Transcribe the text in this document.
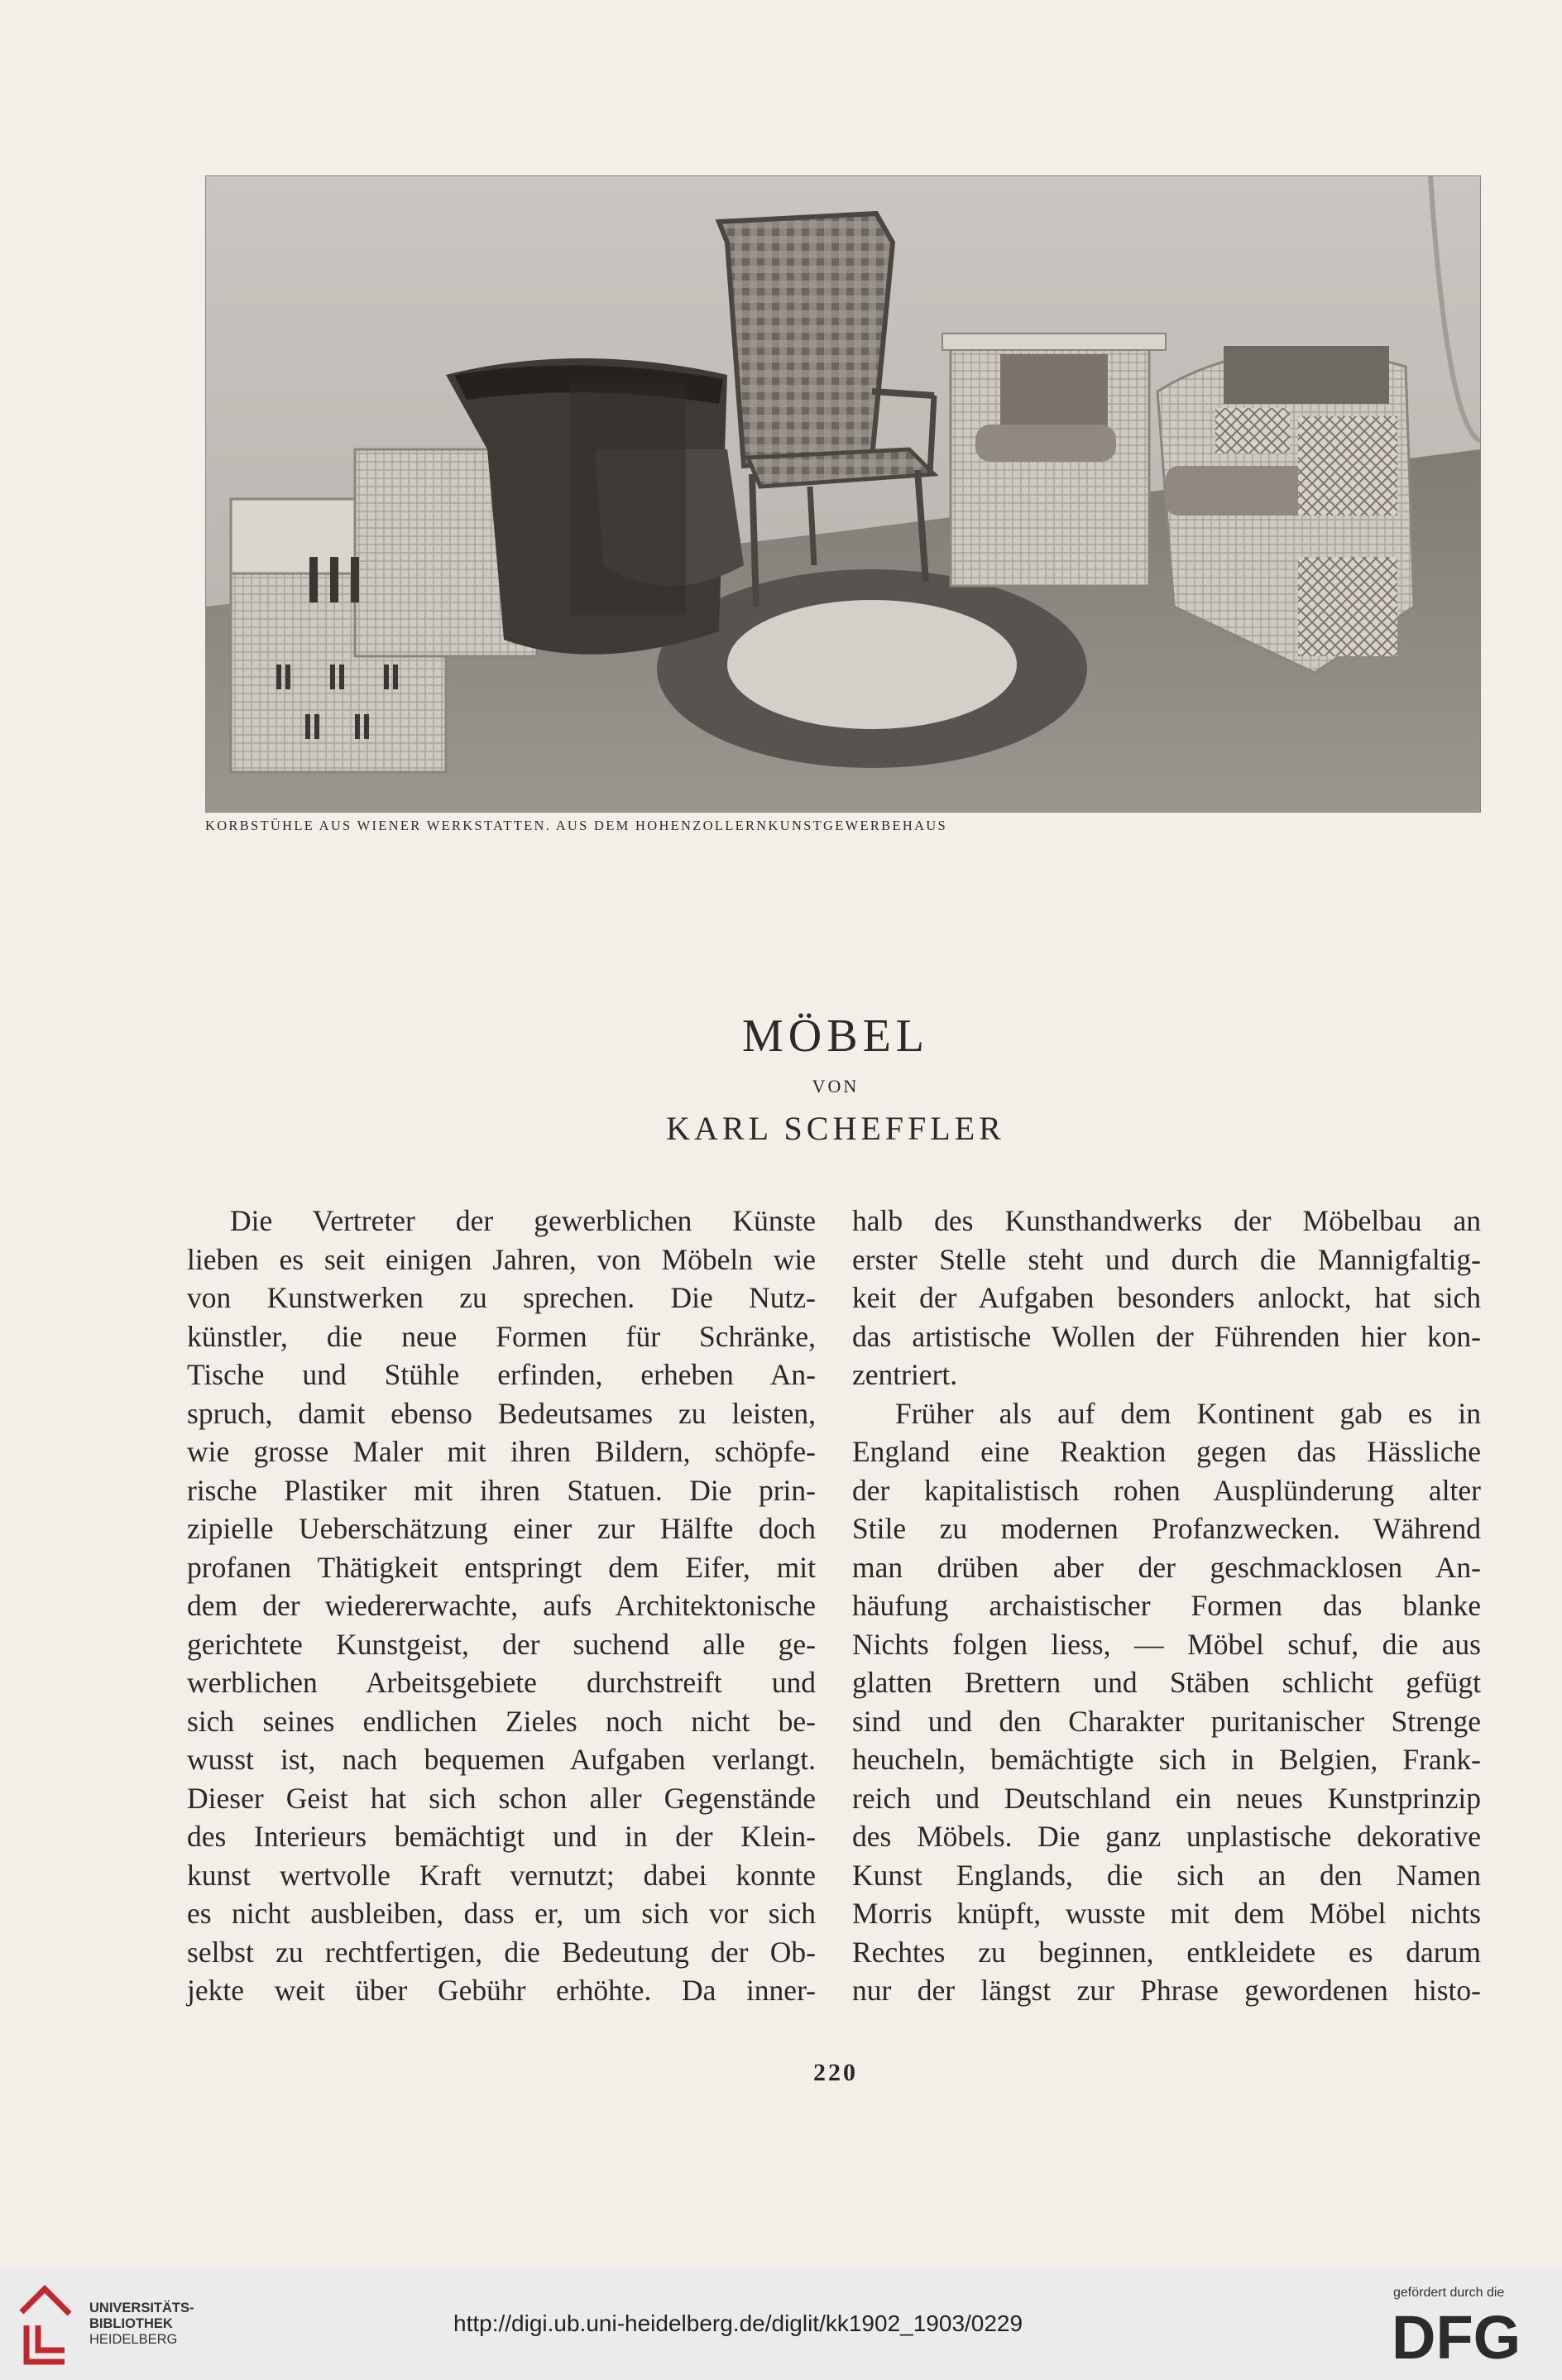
KORBSTÜHLE AUS WIENER WERKSTATTEN. AUS DEM HOHENZOLLERNKUNSTGEWERBEHAUS
MÖBEL
VON
KARL SCHEFFLER
Die Vertreter der gewerblichen Künste
lieben es seit einigen Jahren, von Möbeln wie
von Kunstwerken zu sprechen. Die Nutz-
künstler, die neue Formen für Schränke,
Tische und Stühle erfinden, erheben An-
spruch, damit ebenso Bedeutsames zu leisten,
wie grosse Maler mit ihren Bildern, schöpfe-
rische Plastiker mit ihren Statuen. Die prin-
zipielle Ueberschätzung einer zur Hälfte doch
profanen Thätigkeit entspringt dem Eifer, mit
dem der wiedererwachte, aufs Architektonische
gerichtete Kunstgeist, der suchend alle ge-
werblichen Arbeitsgebiete durchstreift und
sich seines endlichen Zieles noch nicht be-
wusst ist, nach bequemen Aufgaben verlangt.
Dieser Geist hat sich schon aller Gegenstände
des Interieurs bemächtigt und in der Klein-
kunst wertvolle Kraft vernutzt; dabei konnte
es nicht ausbleiben, dass er, um sich vor sich
selbst zu rechtfertigen, die Bedeutung der Ob-
jekte weit über Gebühr erhöhte. Da inner-
halb des Kunsthandwerks der Möbelbau an
erster Stelle steht und durch die Mannigfaltig-
keit der Aufgaben besonders anlockt, hat sich
das artistische Wollen der Führenden hier kon-
zentriert.
Früher als auf dem Kontinent gab es in
England eine Reaktion gegen das Hässliche
der kapitalistisch rohen Ausplünderung alter
Stile zu modernen Profanzwecken. Während
man drüben aber der geschmacklosen An-
häufung archaistischer Formen das blanke
Nichts folgen liess, — Möbel schuf, die aus
glatten Brettern und Stäben schlicht gefügt
sind und den Charakter puritanischer Strenge
heucheln, bemächtigte sich in Belgien, Frank-
reich und Deutschland ein neues Kunstprinzip
des Möbels. Die ganz unplastische dekorative
Kunst Englands, die sich an den Namen
Morris knüpft, wusste mit dem Möbel nichts
Rechtes zu beginnen, entkleidete es darum
nur der längst zur Phrase gewordenen histo-
220
UNIVERSITÄTS-
BIBLIOTHEK
HEIDELBERG
http://digi.ub.uni-heidelberg.de/diglit/kk1902_1903/0229
gefördert durch die
DFG
